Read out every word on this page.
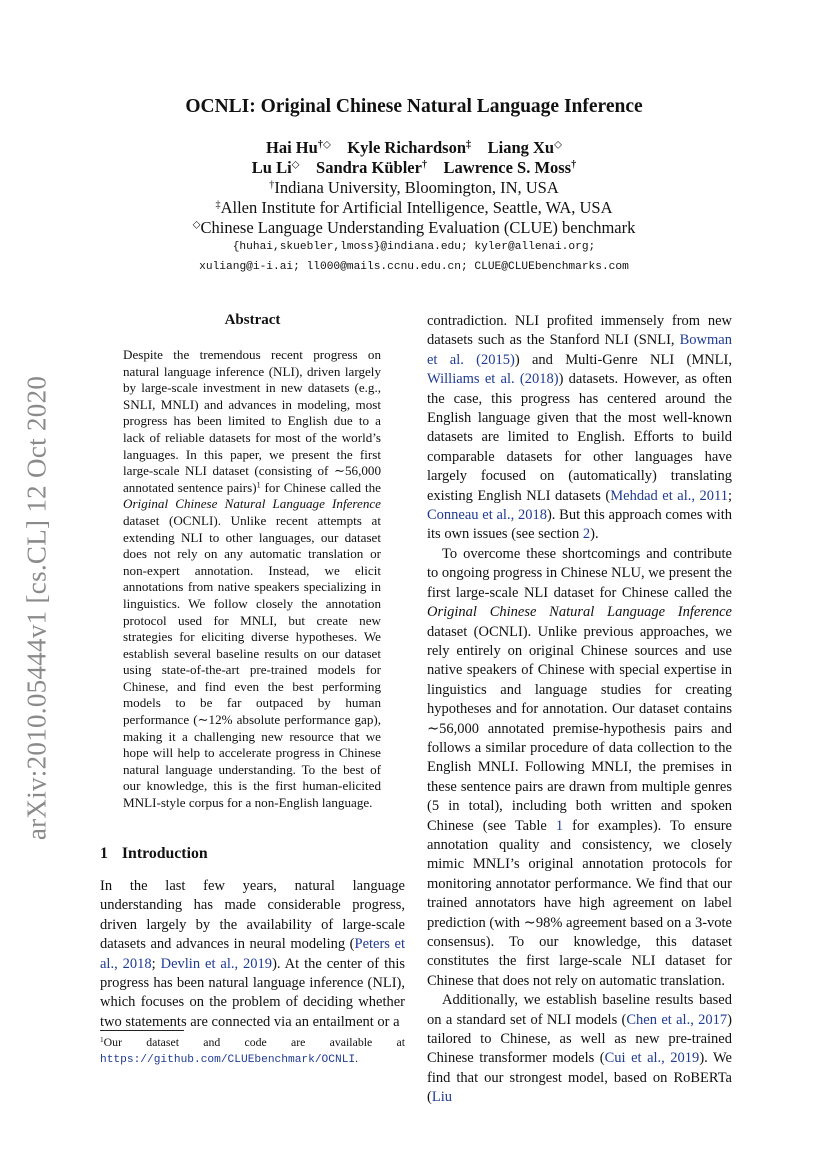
arXiv:2010.05444v1 [cs.CL] 12 Oct 2020
OCNLI: Original Chinese Natural Language Inference
Hai Hu†◇ Kyle Richardson‡ Liang Xu◇
Lu Li◇ Sandra Kübler† Lawrence S. Moss†
†Indiana University, Bloomington, IN, USA
‡Allen Institute for Artificial Intelligence, Seattle, WA, USA
◇Chinese Language Understanding Evaluation (CLUE) benchmark
{huhai,skuebler,lmoss}@indiana.edu; kyler@allenai.org;
xuliang@i-i.ai; ll000@mails.ccnu.edu.cn; CLUE@CLUEbenchmarks.com
Abstract
Despite the tremendous recent progress on natural language inference (NLI), driven largely by large-scale investment in new datasets (e.g., SNLI, MNLI) and advances in modeling, most progress has been limited to English due to a lack of reliable datasets for most of the world’s languages. In this paper, we present the first large-scale NLI dataset (consisting of ∼56,000 annotated sentence pairs)$^1$ for Chinese called the Original Chinese Natural Language Inference dataset (OCNLI). Unlike recent attempts at extending NLI to other languages, our dataset does not rely on any automatic translation or non-expert annotation. Instead, we elicit annotations from native speakers specializing in linguistics. We follow closely the annotation protocol used for MNLI, but create new strategies for eliciting diverse hypotheses. We establish several baseline results on our dataset using state-of-the-art pre-trained models for Chinese, and find even the best performing models to be far outpaced by human performance (∼12% absolute performance gap), making it a challenging new resource that we hope will help to accelerate progress in Chinese natural language understanding. To the best of our knowledge, this is the first human-elicited MNLI-style corpus for a non-English language.
1 Introduction
In the last few years, natural language understanding has made considerable progress, driven largely by the availability of large-scale datasets and advances in neural modeling (Peters et al., 2018; Devlin et al., 2019). At the center of this progress has been natural language inference (NLI), which focuses on the problem of deciding whether two statements are connected via an entailment or a
$^1$Our dataset and code are available at https://github.com/CLUEbenchmark/OCNLI.

contradiction. NLI profited immensely from new datasets such as the Stanford NLI (SNLI, Bowman et al. (2015)) and Multi-Genre NLI (MNLI, Williams et al. (2018)) datasets. However, as often the case, this progress has centered around the English language given that the most well-known datasets are limited to English. Efforts to build comparable datasets for other languages have largely focused on (automatically) translating existing English NLI datasets (Mehdad et al., 2011; Conneau et al., 2018). But this approach comes with its own issues (see section 2).

To overcome these shortcomings and contribute to ongoing progress in Chinese NLU, we present the first large-scale NLI dataset for Chinese called the Original Chinese Natural Language Inference dataset (OCNLI). Unlike previous approaches, we rely entirely on original Chinese sources and use native speakers of Chinese with special expertise in linguistics and language studies for creating hypotheses and for annotation. Our dataset contains ∼56,000 annotated premise-hypothesis pairs and follows a similar procedure of data collection to the English MNLI. Following MNLI, the premises in these sentence pairs are drawn from multiple genres (5 in total), including both written and spoken Chinese (see Table 1 for examples). To ensure annotation quality and consistency, we closely mimic MNLI’s original annotation protocols for monitoring annotator performance. We find that our trained annotators have high agreement on label prediction (with ∼98% agreement based on a 3-vote consensus). To our knowledge, this dataset constitutes the first large-scale NLI dataset for Chinese that does not rely on automatic translation.

Additionally, we establish baseline results based on a standard set of NLI models (Chen et al., 2017) tailored to Chinese, as well as new pre-trained Chinese transformer models (Cui et al., 2019). We find that our strongest model, based on RoBERTa (Liu
